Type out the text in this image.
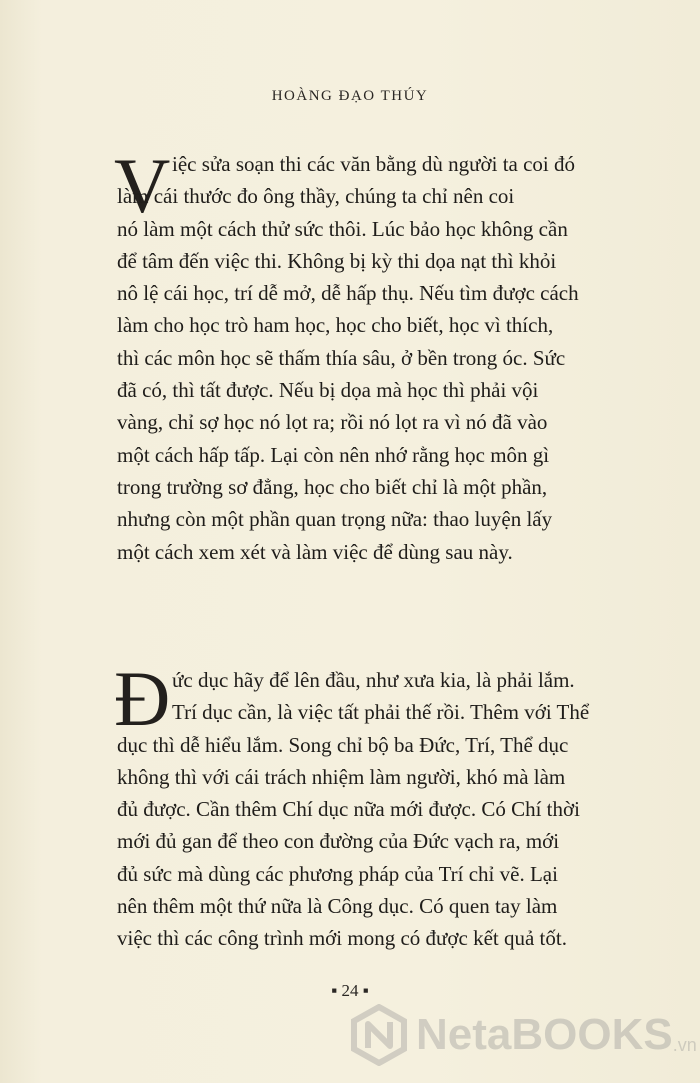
HOÀNG ĐẠO THÚY
V iệc sửa soạn thi các văn bằng dù người ta coi đó
làm cái thước đo ông thầy, chúng ta chỉ nên coi
nó làm một cách thử sức thôi. Lúc bảo học không cần
để tâm đến việc thi. Không bị kỳ thi dọa nạt thì khỏi
nô lệ cái học, trí dễ mở, dễ hấp thụ. Nếu tìm được cách
làm cho học trò ham học, học cho biết, học vì thích,
thì các môn học sẽ thấm thía sâu, ở bền trong óc. Sức
đã có, thì tất được. Nếu bị dọa mà học thì phải vội
vàng, chỉ sợ học nó lọt ra; rồi nó lọt ra vì nó đã vào
một cách hấp tấp. Lại còn nên nhớ rằng học môn gì
trong trường sơ đẳng, học cho biết chỉ là một phần,
nhưng còn một phần quan trọng nữa: thao luyện lấy
một cách xem xét và làm việc để dùng sau này.
Đ ức dục hãy để lên đầu, như xưa kia, là phải lắm.
Trí dục cần, là việc tất phải thế rồi. Thêm với Thể
dục thì dễ hiểu lắm. Song chỉ bộ ba Đức, Trí, Thể dục
không thì với cái trách nhiệm làm người, khó mà làm
đủ được. Cần thêm Chí dục nữa mới được. Có Chí thời
mới đủ gan để theo con đường của Đức vạch ra, mới
đủ sức mà dùng các phương pháp của Trí chỉ vẽ. Lại
nên thêm một thứ nữa là Công dục. Có quen tay làm
việc thì các công trình mới mong có được kết quả tốt.
▪ 24 ▪
NetaBOOKS .vn
